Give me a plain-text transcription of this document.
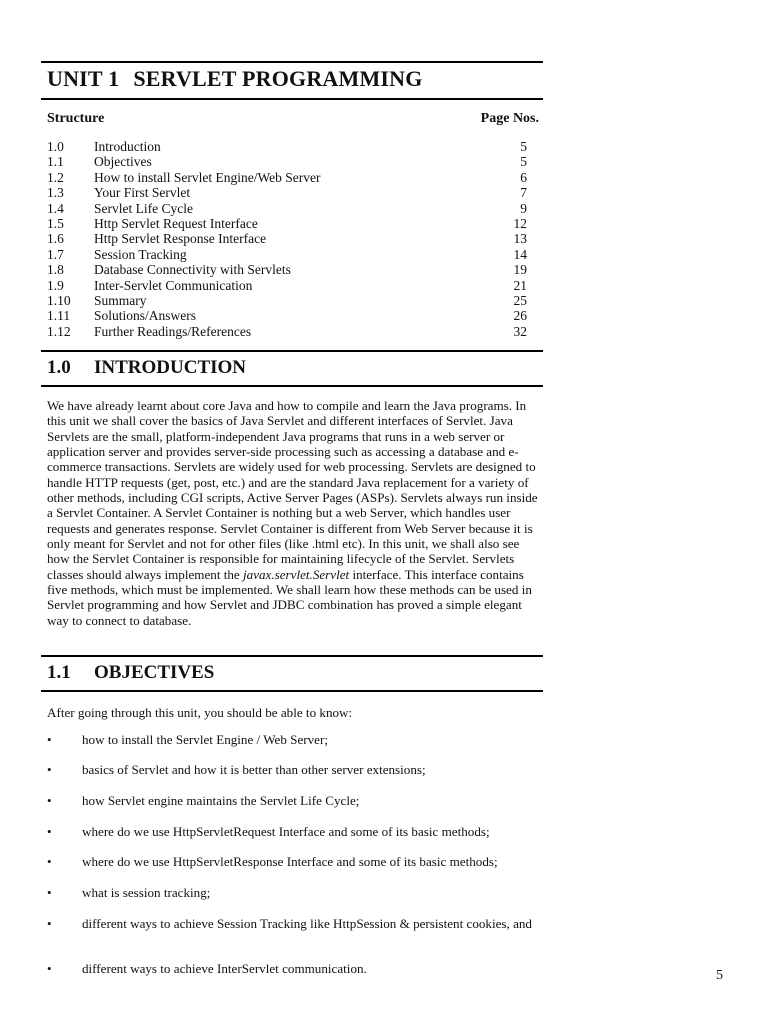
UNIT 1 SERVLET PROGRAMMING
Structure	Page Nos.
1.0 Introduction	5
1.1 Objectives	5
1.2 How to install Servlet Engine/Web Server	6
1.3 Your First Servlet	7
1.4 Servlet Life Cycle	9
1.5 Http Servlet Request Interface	12
1.6 Http Servlet Response Interface	13
1.7 Session Tracking	14
1.8 Database Connectivity with Servlets	19
1.9 Inter-Servlet Communication	21
1.10 Summary	25
1.11 Solutions/Answers	26
1.12 Further Readings/References	32
1.0 INTRODUCTION
We have already learnt about core Java and how to compile and learn the Java programs. In this unit we shall cover the basics of Java Servlet and different interfaces of Servlet. Java Servlets are the small, platform-independent Java programs that runs in a web server or application server and provides server-side processing such as accessing a database and e-commerce transactions. Servlets are widely used for web processing. Servlets are designed to handle HTTP requests (get, post, etc.) and are the standard Java replacement for a variety of other methods, including CGI scripts, Active Server Pages (ASPs). Servlets always run inside a Servlet Container. A Servlet Container is nothing but a web Server, which handles user requests and generates response. Servlet Container is different from Web Server because it is only meant for Servlet and not for other files (like .html etc). In this unit, we shall also see how the Servlet Container is responsible for maintaining lifecycle of the Servlet. Servlets classes should always implement the javax.servlet.Servlet interface. This interface contains five methods, which must be implemented. We shall learn how these methods can be used in Servlet programming and how Servlet and JDBC combination has proved a simple elegant way to connect to database.
1.1 OBJECTIVES
After going through this unit, you should be able to know:
• how to install the Servlet Engine / Web Server;
• basics of Servlet and how it is better than other server extensions;
• how Servlet engine maintains the Servlet Life Cycle;
• where do we use HttpServletRequest Interface and some of its basic methods;
• where do we use HttpServletResponse Interface and some of its basic methods;
• what is session tracking;
• different ways to achieve Session Tracking like HttpSession & persistent cookies, and
• different ways to achieve InterServlet communication.	5
